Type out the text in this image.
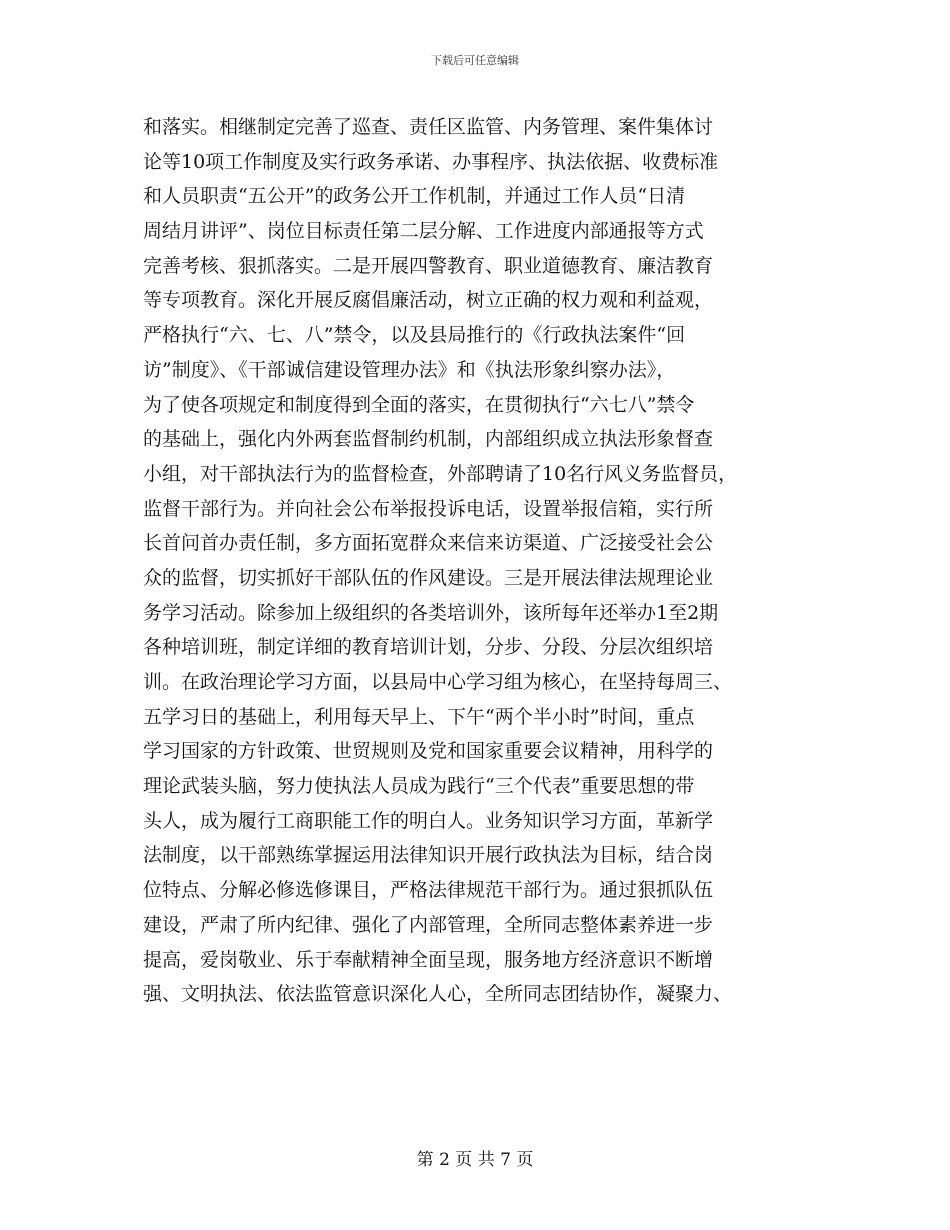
下载后可任意编辑
和落实。相继制定完善了巡查、责任区监管、内务管理、案件集体讨
论等10项工作制度及实行政务承诺、办事程序、执法依据、收费标准
和人员职责“五公开”的政务公开工作机制，并通过工作人员“日清
周结月讲评”、岗位目标责任第二层分解、工作进度内部通报等方式
完善考核、狠抓落实。二是开展四警教育、职业道德教育、廉洁教育
等专项教育。深化开展反腐倡廉活动，树立正确的权力观和利益观，
严格执行“六、七、八”禁令，以及县局推行的《行政执法案件“回
访”制度》、《干部诚信建设管理办法》和《执法形象纠察办法》，
为了使各项规定和制度得到全面的落实，在贯彻执行“六七八”禁令
的基础上，强化内外两套监督制约机制，内部组织成立执法形象督查
小组，对干部执法行为的监督检查，外部聘请了10名行风义务监督员，
监督干部行为。并向社会公布举报投诉电话，设置举报信箱，实行所
长首问首办责任制，多方面拓宽群众来信来访渠道、广泛接受社会公
众的监督，切实抓好干部队伍的作风建设。三是开展法律法规理论业
务学习活动。除参加上级组织的各类培训外，该所每年还举办1至2期
各种培训班，制定详细的教育培训计划，分步、分段、分层次组织培
训。在政治理论学习方面，以县局中心学习组为核心，在坚持每周三、
五学习日的基础上，利用每天早上、下午“两个半小时”时间，重点
学习国家的方针政策、世贸规则及党和国家重要会议精神，用科学的
理论武装头脑，努力使执法人员成为践行“三个代表”重要思想的带
头人，成为履行工商职能工作的明白人。业务知识学习方面，革新学
法制度，以干部熟练掌握运用法律知识开展行政执法为目标，结合岗
位特点、分解必修选修课目，严格法律规范干部行为。通过狠抓队伍
建设，严肃了所内纪律、强化了内部管理，全所同志整体素养进一步
提高，爱岗敬业、乐于奉献精神全面呈现，服务地方经济意识不断增
强、文明执法、依法监管意识深化人心，全所同志团结协作，凝聚力、
第 2 页 共 7 页
